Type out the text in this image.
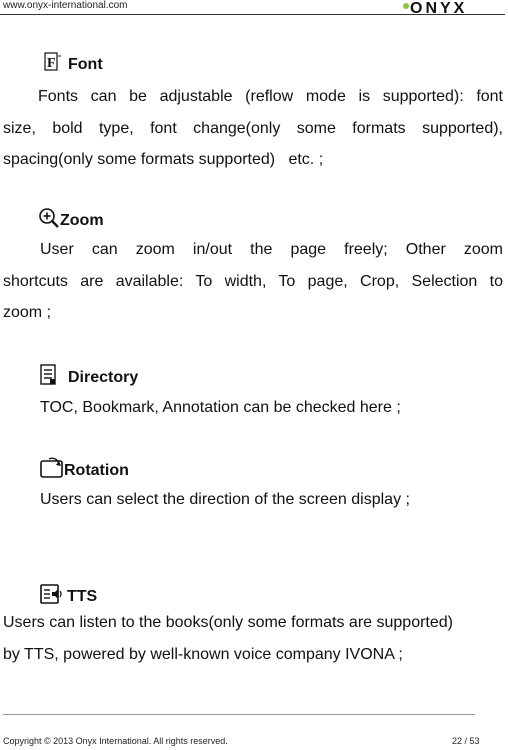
www.onyx-international.com	ONYX
F Font

Fonts can be adjustable (reflow mode is supported): font

size, bold type, font change(only some formats supported),

spacing(only some formats supported)   etc. ;

Zoom

User can zoom in/out the page freely; Other zoom

shortcuts are available: To width, To page, Crop, Selection to

zoom ;

Directory

TOC, Bookmark, Annotation can be checked here ;

Rotation

Users can select the direction of the screen display ;

TTS

Users can listen to the books(only some formats are supported)

by TTS, powered by well-known voice company IVONA ;

Copyright © 2013 Onyx International. All rights reserved.	22 / 53
